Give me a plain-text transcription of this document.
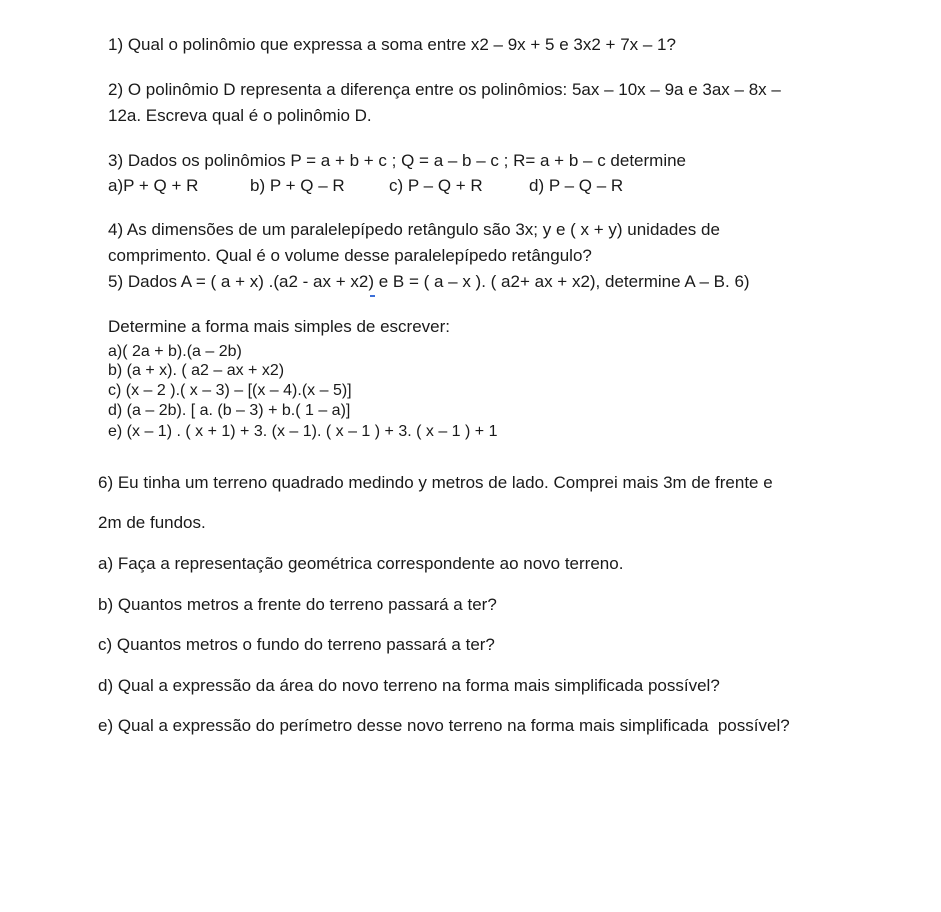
1) Qual o polinômio que expressa a soma entre x2 – 9x + 5 e 3x2 + 7x – 1?
2) O polinômio D representa a diferença entre os polinômios: 5ax – 10x – 9a e 3ax – 8x –
12a. Escreva qual é o polinômio D.
3) Dados os polinômios P = a + b + c ; Q = a – b – c ; R= a + b – c determine
a)P + Q + R	b) P + Q – R	c) P – Q + R	d) P – Q – R
4) As dimensões de um paralelepípedo retângulo são 3x; y e ( x + y) unidades de
comprimento. Qual é o volume desse paralelepípedo retângulo?
5) Dados A = ( a + x) .(a2 - ax + x2) e B = ( a – x ). ( a2+ ax + x2), determine A – B. 6)
Determine a forma mais simples de escrever:
a)( 2a + b).(a – 2b)
b) (a + x). ( a2 – ax + x2)
c) (x – 2 ).( x – 3) – [(x – 4).(x – 5)]
d) (a – 2b). [ a. (b – 3) + b.( 1 – a)]
e) (x – 1) . ( x + 1) + 3. (x – 1). ( x – 1 ) + 3. ( x – 1 ) + 1
6) Eu tinha um terreno quadrado medindo y metros de lado. Comprei mais 3m de frente e
2m de fundos.
a) Faça a representação geométrica correspondente ao novo terreno.
b) Quantos metros a frente do terreno passará a ter?
c) Quantos metros o fundo do terreno passará a ter?
d) Qual a expressão da área do novo terreno na forma mais simplificada possível?
e) Qual a expressão do perímetro desse novo terreno na forma mais simplificada  possível?
